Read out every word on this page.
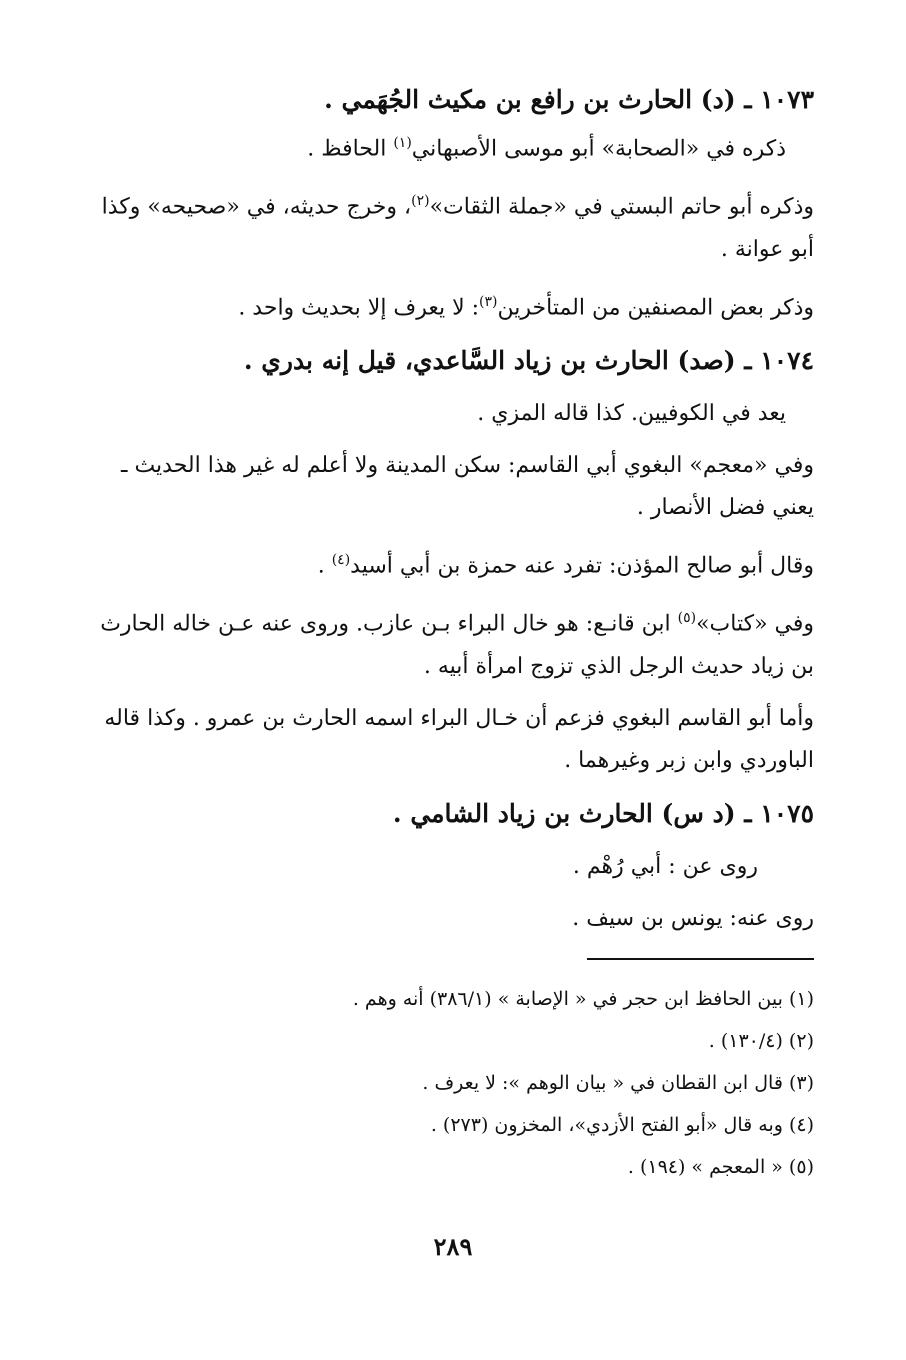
١٠٧٣ ـ (د) الحارث بن رافع بن مكيث الجُهَمي .

ذكره في «الصحابة» أبو موسى الأصبهاني$^{(١)}$ الحافظ .

وذكره أبو حاتم البستي في «جملة الثقات»$^{(٢)}$، وخرج حديثه، في «صحيحه» وكذا أبو عوانة .

وذكر بعض المصنفين من المتأخرين$^{(٣)}$: لا يعرف إلا بحديث واحد .

١٠٧٤ ـ (صد) الحارث بن زياد السَّاعدي، قيل إنه بدري .

يعد في الكوفيين. كذا قاله المزي .

وفي «معجم» البغوي أبي القاسم: سكن المدينة ولا أعلم له غير هذا الحديث ـ يعني فضل الأنصار .

وقال أبو صالح المؤذن: تفرد عنه حمزة بن أبي أسيد$^{(٤)}$ .

وفي «كتاب»$^{(٥)}$ ابن قانـع: هو خال البراء بـن عازب. وروى عنه عـن خاله الحارث بن زياد حديث الرجل الذي تزوج امرأة أبيه .

وأما أبو القاسم البغوي فزعم أن خـال البراء اسمه الحارث بن عمرو . وكذا قاله الباوردي وابن زبر وغيرهما .

١٠٧٥ ـ (د س) الحارث بن زياد الشامي .

روى عن : أبي رُهْم .

روى عنه: يونس بن سيف .

(١) بين الحافظ ابن حجر في « الإصابة » (٣٨٦/١) أنه وهم .

(٢) (١٣٠/٤) .

(٣) قال ابن القطان في « بيان الوهم »: لا يعرف .

(٤) وبه قال «أبو الفتح الأزدي»، المخزون (٢٧٣) .

(٥) « المعجم » (١٩٤) .

٢٨٩
